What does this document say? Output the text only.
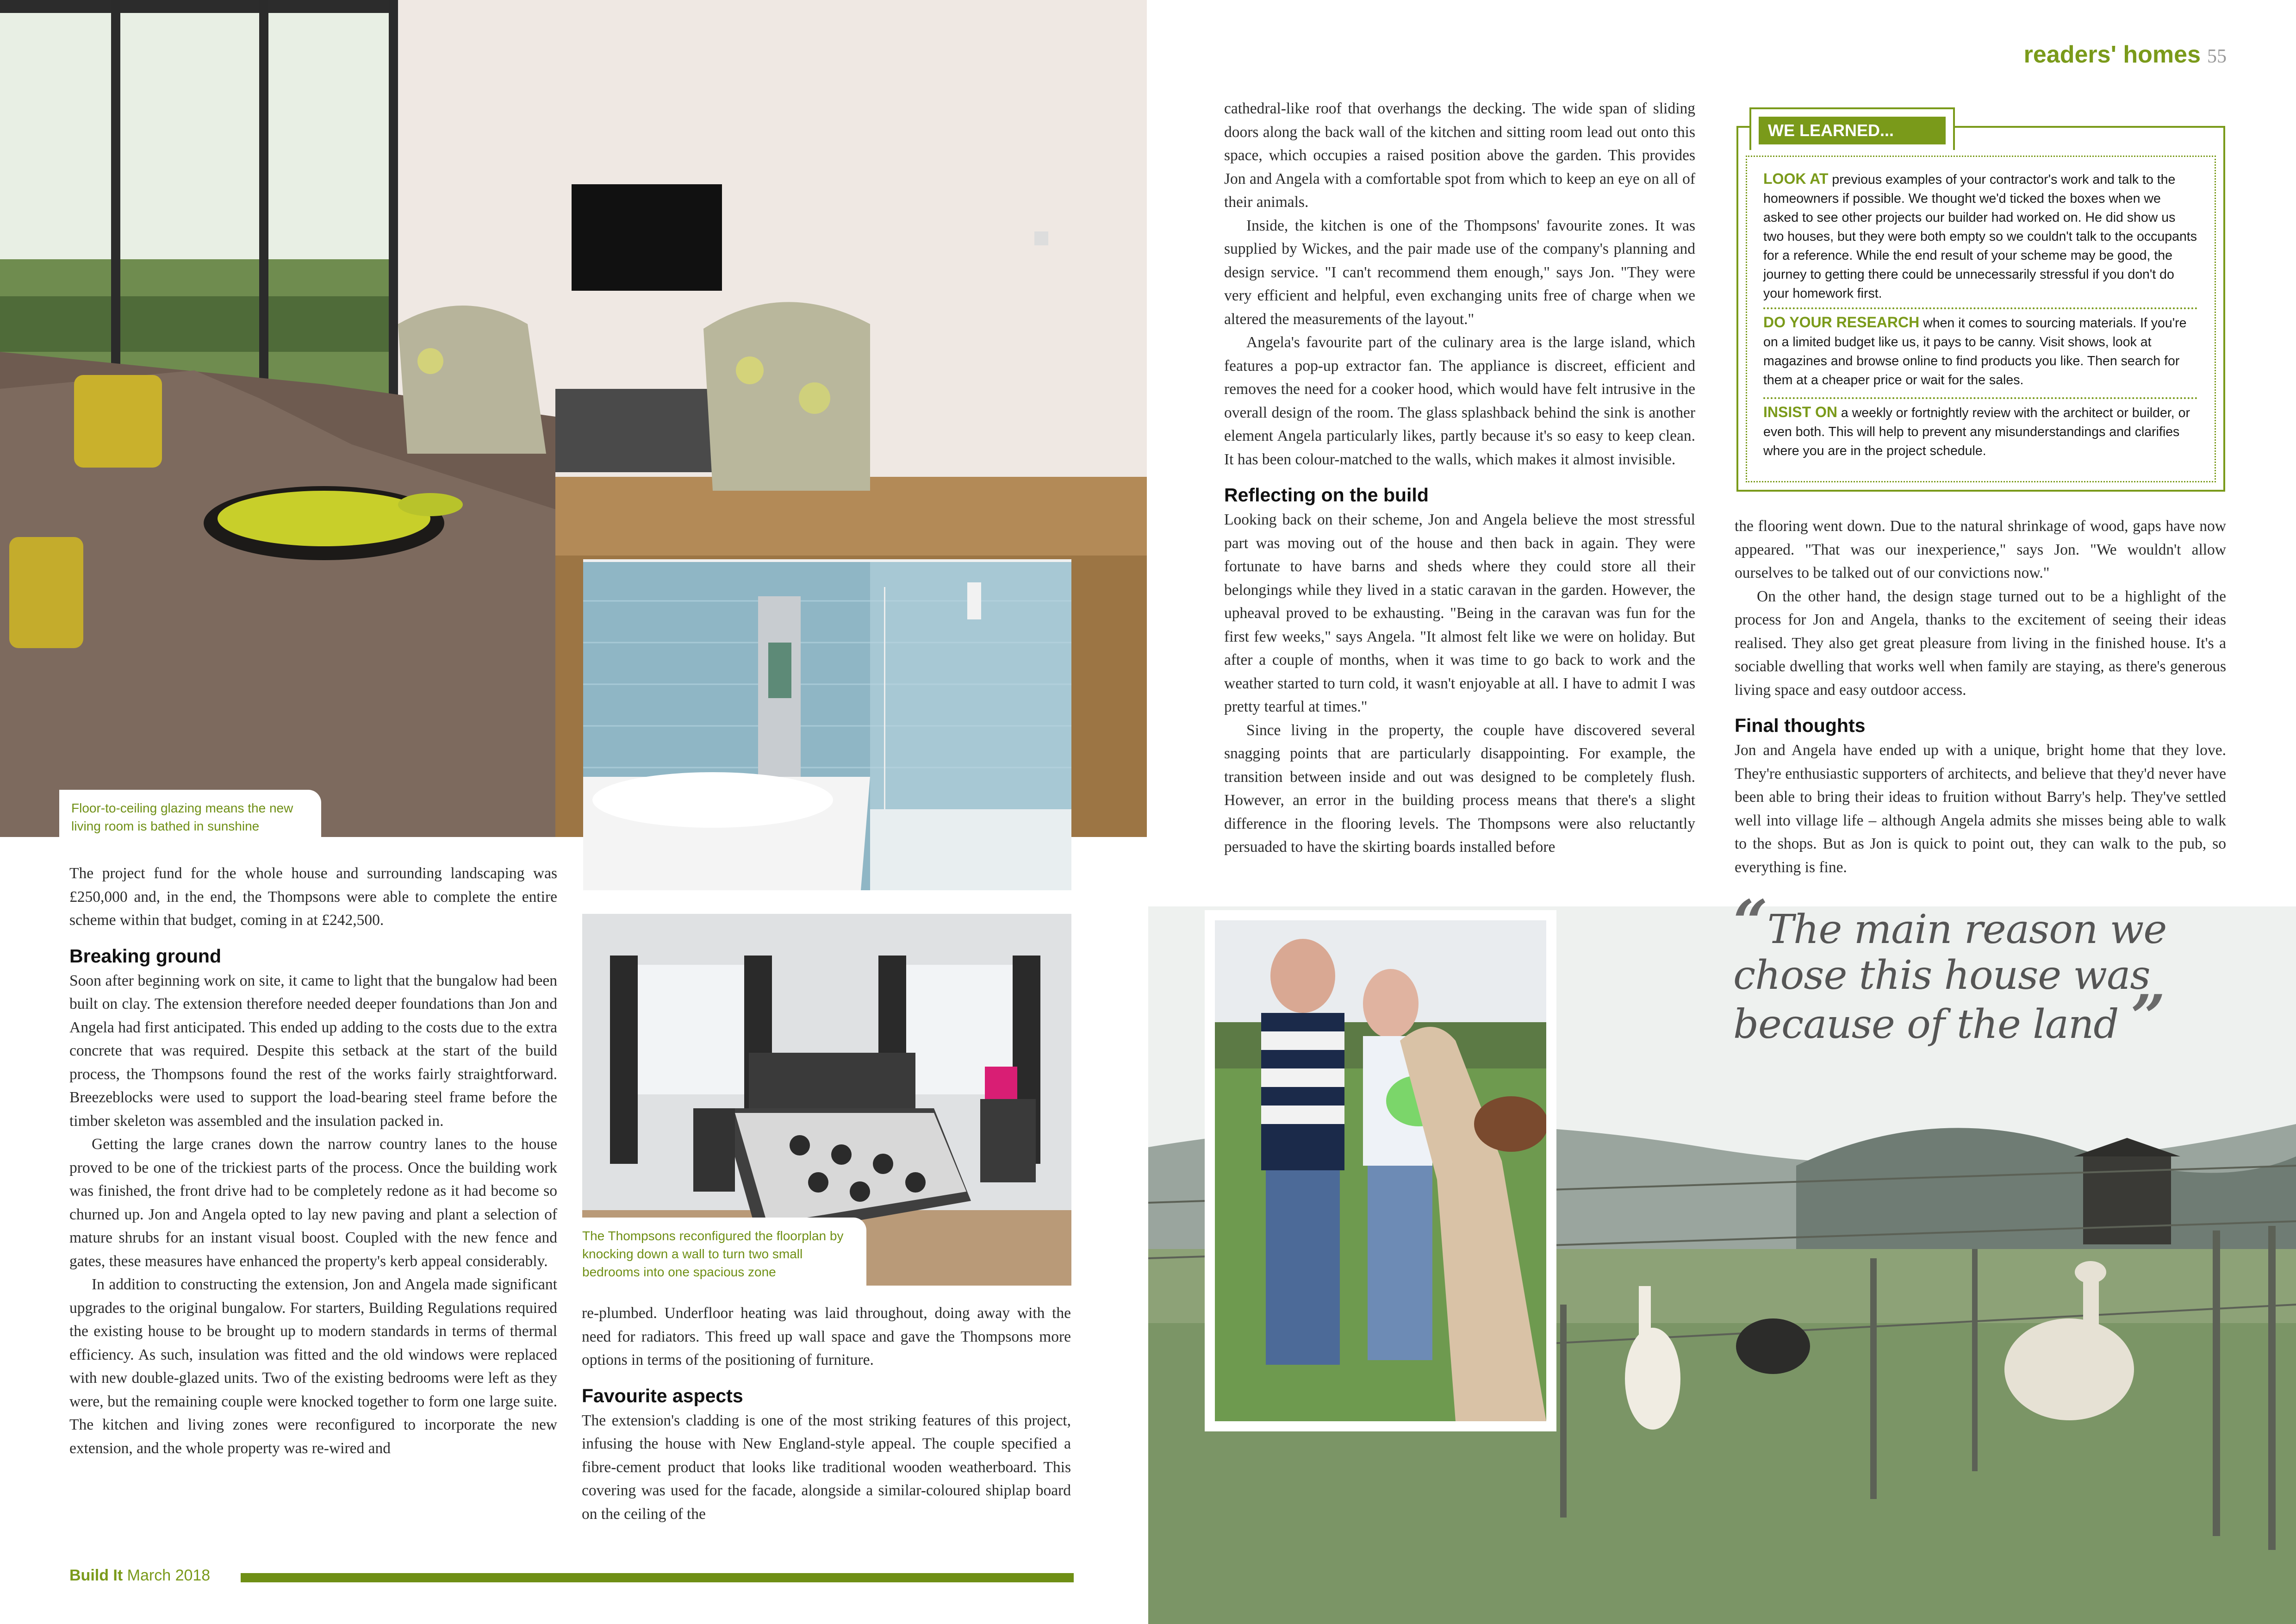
readers' homes 55
Floor-to-ceiling glazing means the new living room is bathed in sunshine
The Thompsons reconfigured the floorplan by knocking down a wall to turn two small bedrooms into one spacious zone

The project fund for the whole house and surrounding landscaping was £250,000 and, in the end, the Thompsons were able to complete the entire scheme within that budget, coming in at £242,500.

Breaking ground

Soon after beginning work on site, it came to light that the bungalow had been built on clay. The extension therefore needed deeper foundations than Jon and Angela had first anticipated. This ended up adding to the costs due to the extra concrete that was required. Despite this setback at the start of the build process, the Thompsons found the rest of the works fairly straightforward. Breezeblocks were used to support the load-bearing steel frame before the timber skeleton was assembled and the insulation packed in.

Getting the large cranes down the narrow country lanes to the house proved to be one of the trickiest parts of the process. Once the building work was finished, the front drive had to be completely redone as it had become so churned up. Jon and Angela opted to lay new paving and plant a selection of mature shrubs for an instant visual boost. Coupled with the new fence and gates, these measures have enhanced the property's kerb appeal considerably.

In addition to constructing the extension, Jon and Angela made significant upgrades to the original bungalow. For starters, Building Regulations required the existing house to be brought up to modern standards in terms of thermal efficiency. As such, insulation was fitted and the old windows were replaced with new double-glazed units. Two of the existing bedrooms were left as they were, but the remaining couple were knocked together to form one large suite. The kitchen and living zones were reconfigured to incorporate the new extension, and the whole property was re-wired and

re-plumbed. Underfloor heating was laid throughout, doing away with the need for radiators. This freed up wall space and gave the Thompsons more options in terms of the positioning of furniture.

Favourite aspects

The extension's cladding is one of the most striking features of this project, infusing the house with New England-style appeal. The couple specified a fibre-cement product that looks like traditional wooden weatherboard. This covering was used for the facade, alongside a similar-coloured shiplap board on the ceiling of the

cathedral-like roof that overhangs the decking. The wide span of sliding doors along the back wall of the kitchen and sitting room lead out onto this space, which occupies a raised position above the garden. This provides Jon and Angela with a comfortable spot from which to keep an eye on all of their animals.

Inside, the kitchen is one of the Thompsons' favourite zones. It was supplied by Wickes, and the pair made use of the company's planning and design service. "I can't recommend them enough," says Jon. "They were very efficient and helpful, even exchanging units free of charge when we altered the measurements of the layout."

Angela's favourite part of the culinary area is the large island, which features a pop-up extractor fan. The appliance is discreet, efficient and removes the need for a cooker hood, which would have felt intrusive in the overall design of the room. The glass splashback behind the sink is another element Angela particularly likes, partly because it's so easy to keep clean. It has been colour-matched to the walls, which makes it almost invisible.

Reflecting on the build

Looking back on their scheme, Jon and Angela believe the most stressful part was moving out of the house and then back in again. They were fortunate to have barns and sheds where they could store all their belongings while they lived in a static caravan in the garden. However, the upheaval proved to be exhausting. "Being in the caravan was fun for the first few weeks," says Angela. "It almost felt like we were on holiday. But after a couple of months, when it was time to go back to work and the weather started to turn cold, it wasn't enjoyable at all. I have to admit I was pretty tearful at times."

Since living in the property, the couple have discovered several snagging points that are particularly disappointing. For example, the transition between inside and out was designed to be completely flush. However, an error in the building process means that there's a slight difference in the flooring levels. The Thompsons were also reluctantly persuaded to have the skirting boards installed before

the flooring went down. Due to the natural shrinkage of wood, gaps have now appeared. "That was our inexperience," says Jon. "We wouldn't allow ourselves to be talked out of our convictions now."

On the other hand, the design stage turned out to be a highlight of the process for Jon and Angela, thanks to the excitement of seeing their ideas realised. They also get great pleasure from living in the finished house. It's a sociable dwelling that works well when family are staying, as there's generous living space and easy outdoor access.

Final thoughts

Jon and Angela have ended up with a unique, bright home that they love. They're enthusiastic supporters of architects, and believe that they'd never have been able to bring their ideas to fruition without Barry's help. They've settled well into village life – although Angela admits she misses being able to walk to the shops. But as Jon is quick to point out, they can walk to the pub, so everything is fine.

WE LEARNED...
LOOK AT previous examples of your contractor's work and talk to the homeowners if possible. We thought we'd ticked the boxes when we asked to see other projects our builder had worked on. He did show us two houses, but they were both empty so we couldn't talk to the occupants for a reference. While the end result of your scheme may be good, the journey to getting there could be unnecessarily stressful if you don't do your homework first.
DO YOUR RESEARCH when it comes to sourcing materials. If you're on a limited budget like us, it pays to be canny. Visit shows, look at magazines and browse online to find products you like. Then search for them at a cheaper price or wait for the sales.
INSIST ON a weekly or fortnightly review with the architect or builder, or even both. This will help to prevent any misunderstandings and clarifies where you are in the project schedule.
“The main reason we chose this house was because of the land ”
Build It March 2018
